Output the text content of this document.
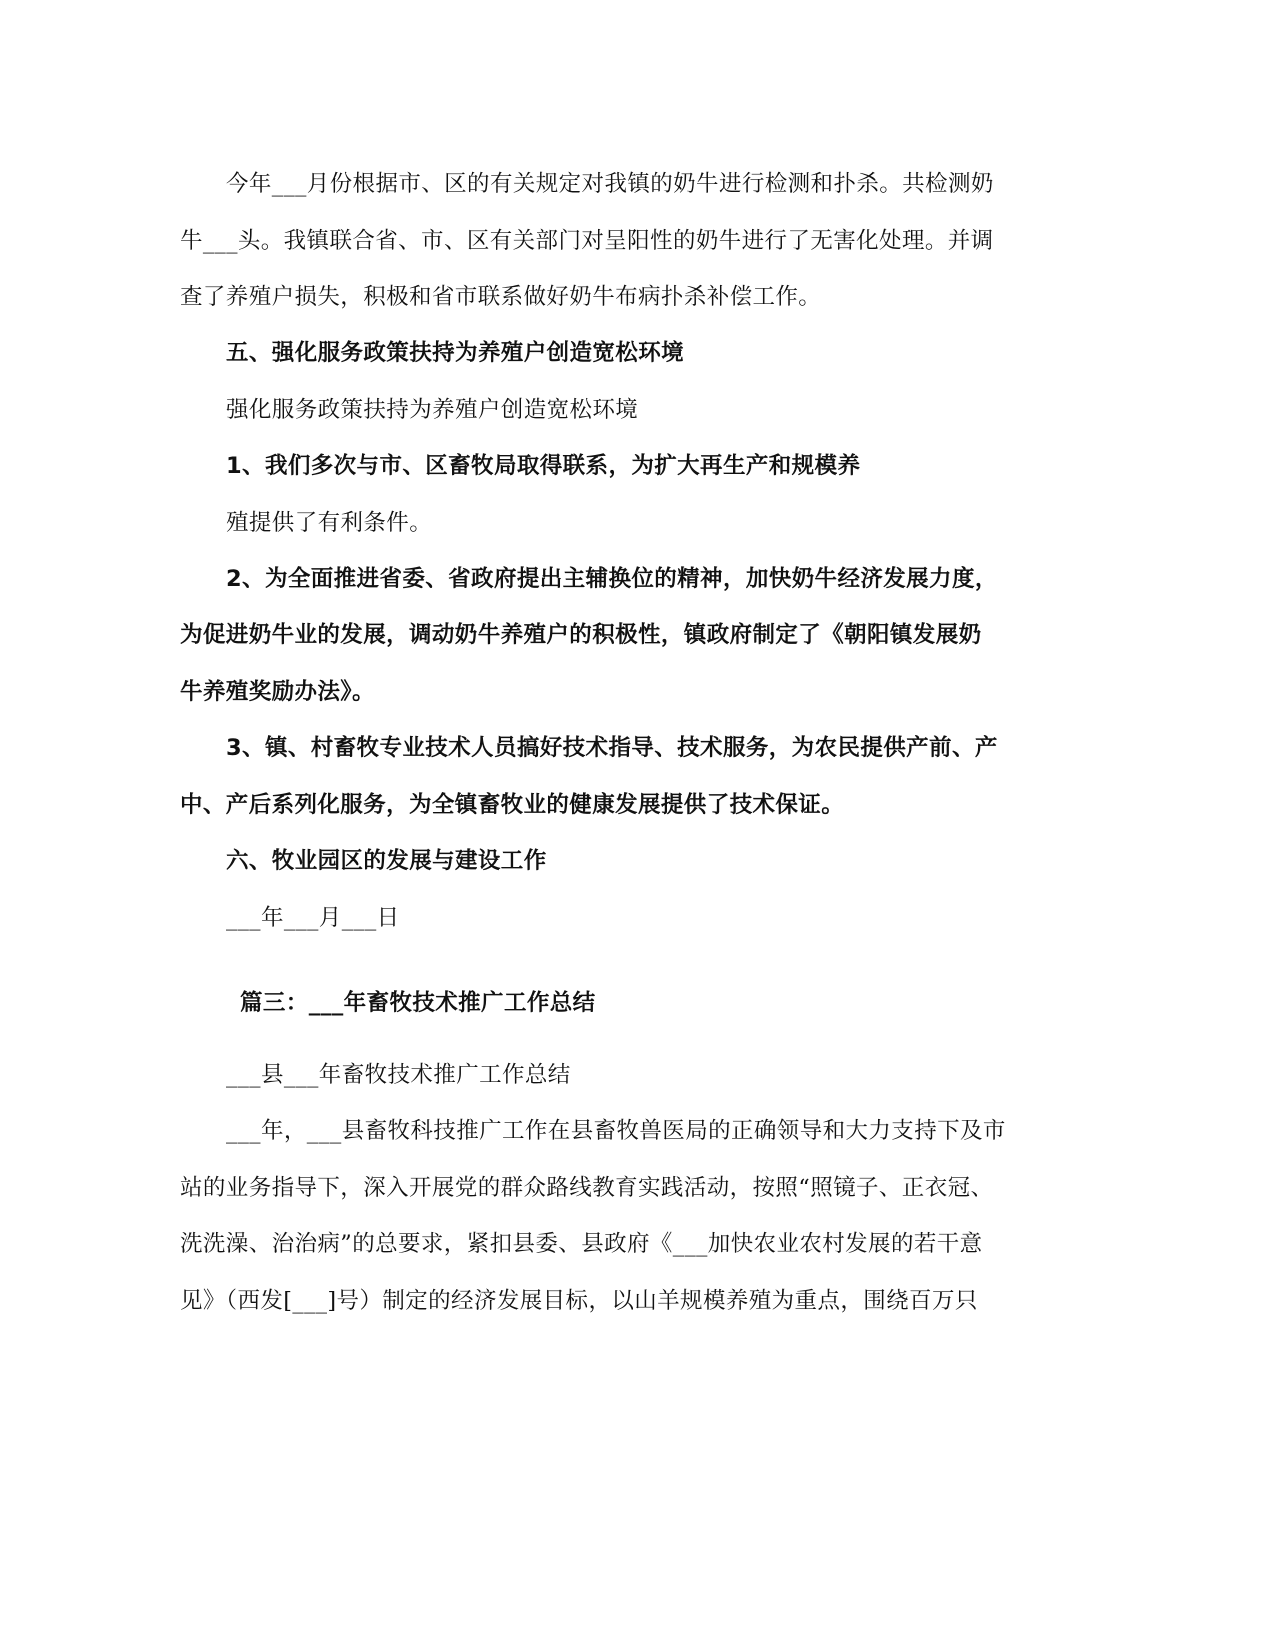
今年___月份根据市、区的有关规定对我镇的奶牛进行检测和扑杀。共检测奶
牛___头。我镇联合省、市、区有关部门对呈阳性的奶牛进行了无害化处理。并调
查了养殖户损失，积极和省市联系做好奶牛布病扑杀补偿工作。
五、强化服务政策扶持为养殖户创造宽松环境
强化服务政策扶持为养殖户创造宽松环境
1、我们多次与市、区畜牧局取得联系，为扩大再生产和规模养
殖提供了有利条件。
2、为全面推进省委、省政府提出主辅换位的精神，加快奶牛经济发展力度，
为促进奶牛业的发展，调动奶牛养殖户的积极性，镇政府制定了《朝阳镇发展奶
牛养殖奖励办法》。
3、镇、村畜牧专业技术人员搞好技术指导、技术服务，为农民提供产前、产
中、产后系列化服务，为全镇畜牧业的健康发展提供了技术保证。
六、牧业园区的发展与建设工作
___年___月___日
篇三：___年畜牧技术推广工作总结
___县___年畜牧技术推广工作总结
___年，___县畜牧科技推广工作在县畜牧兽医局的正确领导和大力支持下及市
站的业务指导下，深入开展党的群众路线教育实践活动，按照“照镜子、正衣冠、
洗洗澡、治治病”的总要求，紧扣县委、县政府《___加快农业农村发展的若干意
见》（西发[___]号）制定的经济发展目标，以山羊规模养殖为重点，围绕百万只
